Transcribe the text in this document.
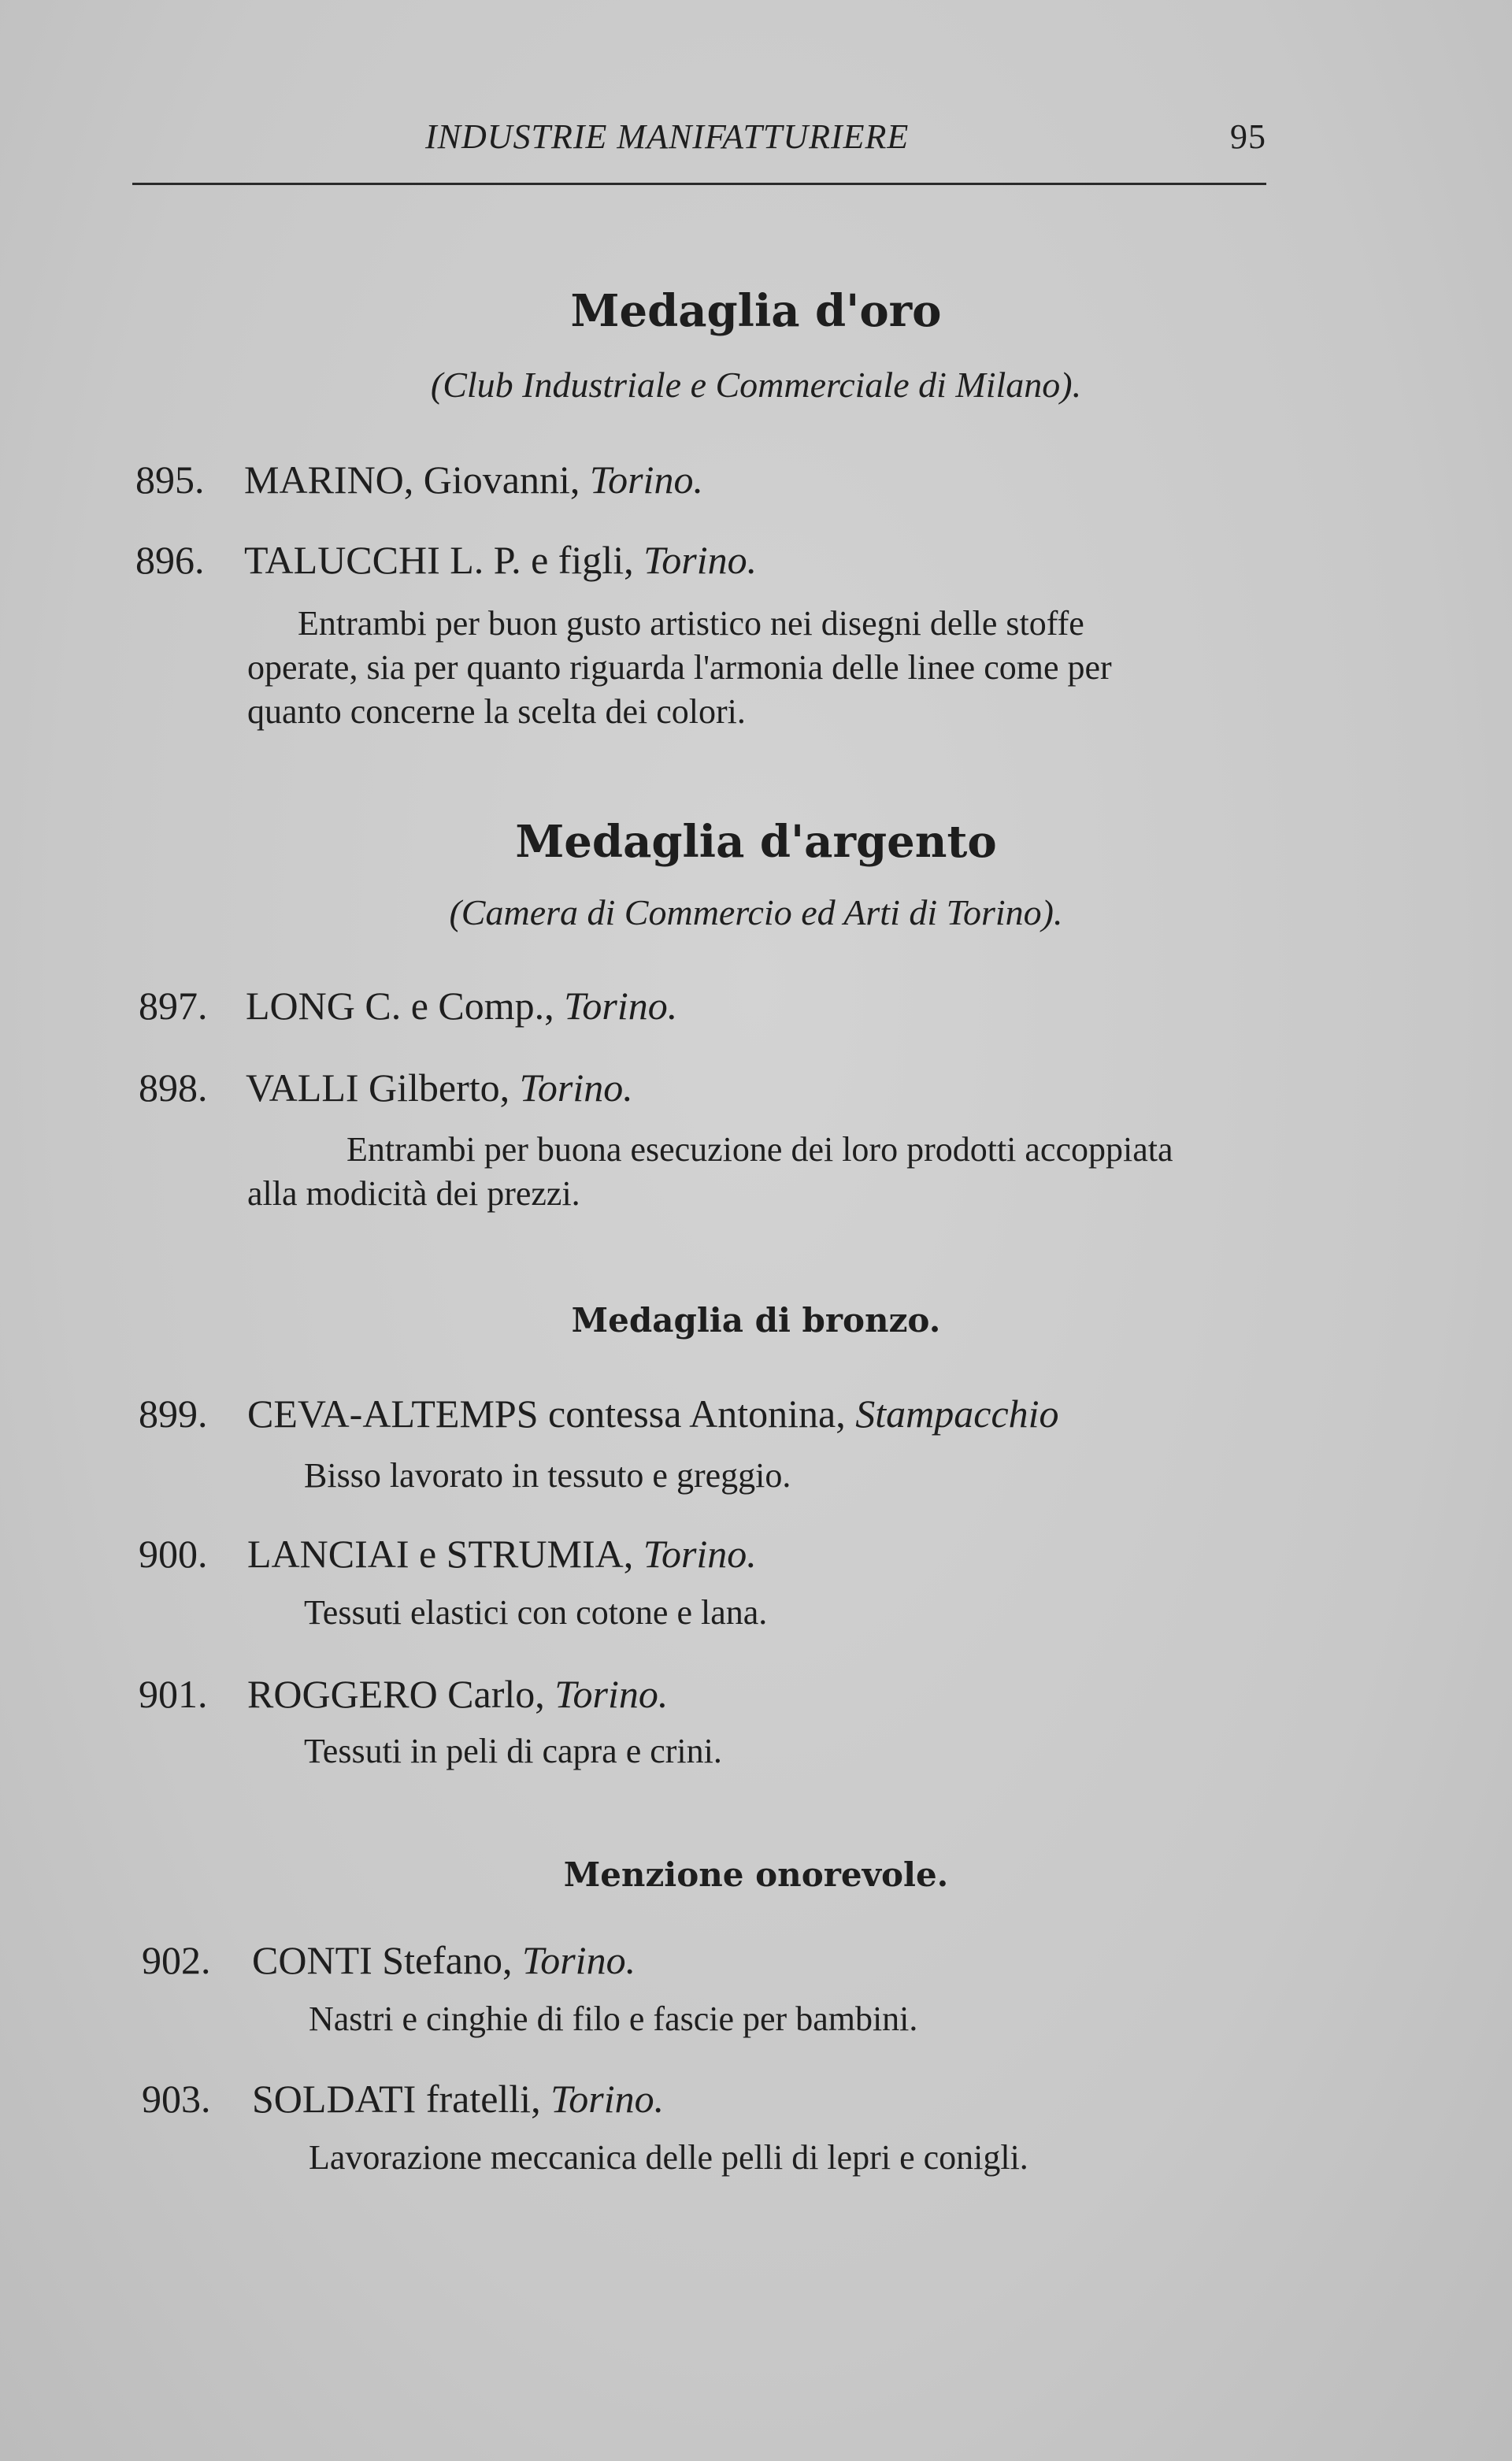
INDUSTRIE MANIFATTURIERE	95
Medaglia d'oro
(Club Industriale e Commerciale di Milano).
895. MARINO, Giovanni, Torino.
896. TALUCCHI L. P. e figli, Torino.
Entrambi per buon gusto artistico nei disegni delle stoffe
operate, sia per quanto riguarda l'armonia delle linee come per
quanto concerne la scelta dei colori.
Medaglia d'argento
(Camera di Commercio ed Arti di Torino).
897. LONG C. e Comp., Torino.
898. VALLI Gilberto, Torino.
Entrambi per buona esecuzione dei loro prodotti accoppiata
alla modicità dei prezzi.
Medaglia di bronzo.
899. CEVA-ALTEMPS contessa Antonina, Stampacchio
Bisso lavorato in tessuto e greggio.
900. LANCIAI e STRUMIA, Torino.
Tessuti elastici con cotone e lana.
901. ROGGERO Carlo, Torino.
Tessuti in peli di capra e crini.
Menzione onorevole.
902. CONTI Stefano, Torino.
Nastri e cinghie di filo e fascie per bambini.
903. SOLDATI fratelli, Torino.
Lavorazione meccanica delle pelli di lepri e conigli.
